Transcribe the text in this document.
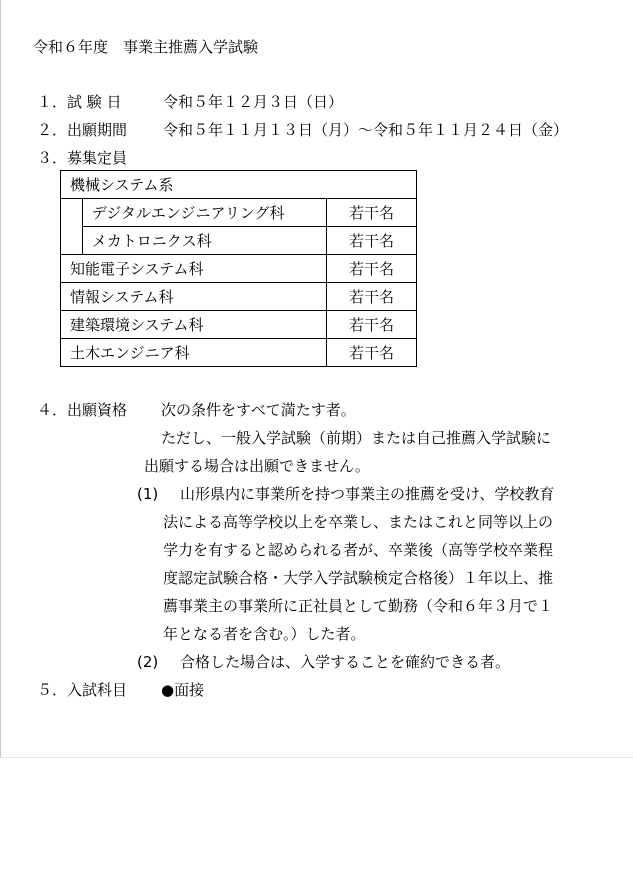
令和６年度　事業主推薦入学試験
１．試 験 日	令和５年１２月３日（日）
２．出願期間 令和５年１１月１３日（月）～令和５年１１月２４日（金）
３．募集定員
機械システム系		
	デジタルエンジニアリング科	若干名
	メカトロニクス科	若干名
知能電子システム科		若干名
情報システム科		若干名
建築環境システム科		若干名
土木エンジニア科		若干名
４．出願資格 次の条件をすべて満たす者。
ただし、一般入学試験（前期）または自己推薦入学試験に
出願する場合は出願できません。
(1) 山形県内に事業所を持つ事業主の推薦を受け、学校教育
法による高等学校以上を卒業し、またはこれと同等以上の
学力を有すると認められる者が、卒業後（高等学校卒業程
度認定試験合格・大学入学試験検定合格後）１年以上、推
薦事業主の事業所に正社員として勤務（令和６年３月で１
年となる者を含む。）した者。
(2) 合格した場合は、入学することを確約できる者。
５．入試科目 ●面接
